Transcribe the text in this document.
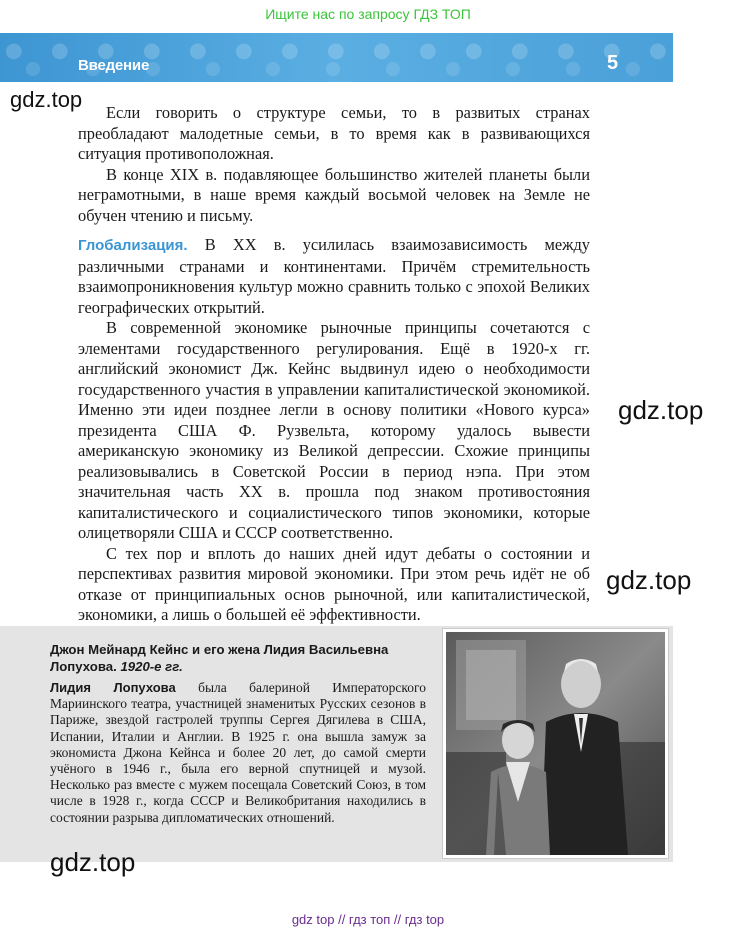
Ищите нас по запросу ГДЗ ТОП
Введение	5
gdz.top
gdz.top
gdz.top

Если говорить о структуре семьи, то в развитых странах преобладают малодетные семьи, в то время как в развивающихся ситуация противоположная.

В конце XIX в. подавляющее большинство жителей планеты были неграмотными, в наше время каждый восьмой человек на Земле не обучен чтению и письму.

Глобализация. В XX в. усилилась взаимозависимость между различными странами и континентами. Причём стремительность взаимопроникновения культур можно сравнить только с эпохой Великих географических открытий.

В современной экономике рыночные принципы сочетаются с элементами государственного регулирования. Ещё в 1920-х гг. английский экономист Дж. Кейнс выдвинул идею о необходимости государственного участия в управлении капиталистической экономикой. Именно эти идеи позднее легли в основу политики «Нового курса» президента США Ф. Рузвельта, которому удалось вывести американскую экономику из Великой депрессии. Схожие принципы реализовывались в Советской России в период нэпа. При этом значительная часть XX в. прошла под знаком противостояния капиталистического и социалистического типов экономики, которые олицетворяли США и СССР соответственно.

С тех пор и вплоть до наших дней идут дебаты о состоянии и перспективах развития мировой экономики. При этом речь идёт не об отказе от принципиальных основ рыночной, или капиталистической, экономики, а лишь о большей её эффективности.

Джон Мейнард Кейнс и его жена Лидия Васильевна Лопухова. 1920-е гг.
Лидия Лопухова была балериной Императорского Мариинского театра, участницей знаменитых Русских сезонов в Париже, звездой гастролей труппы Сергея Дягилева в США, Испании, Италии и Англии. В 1925 г. она вышла замуж за экономиста Джона Кейнса и более 20 лет, до самой смерти учёного в 1946 г., была его верной спутницей и музой. Несколько раз вместе с мужем посещала Советский Союз, в том числе в 1928 г., когда СССР и Великобритания находились в состоянии разрыва дипломатических отношений.
gdz.top
gdz top // гдз топ // гдз top
